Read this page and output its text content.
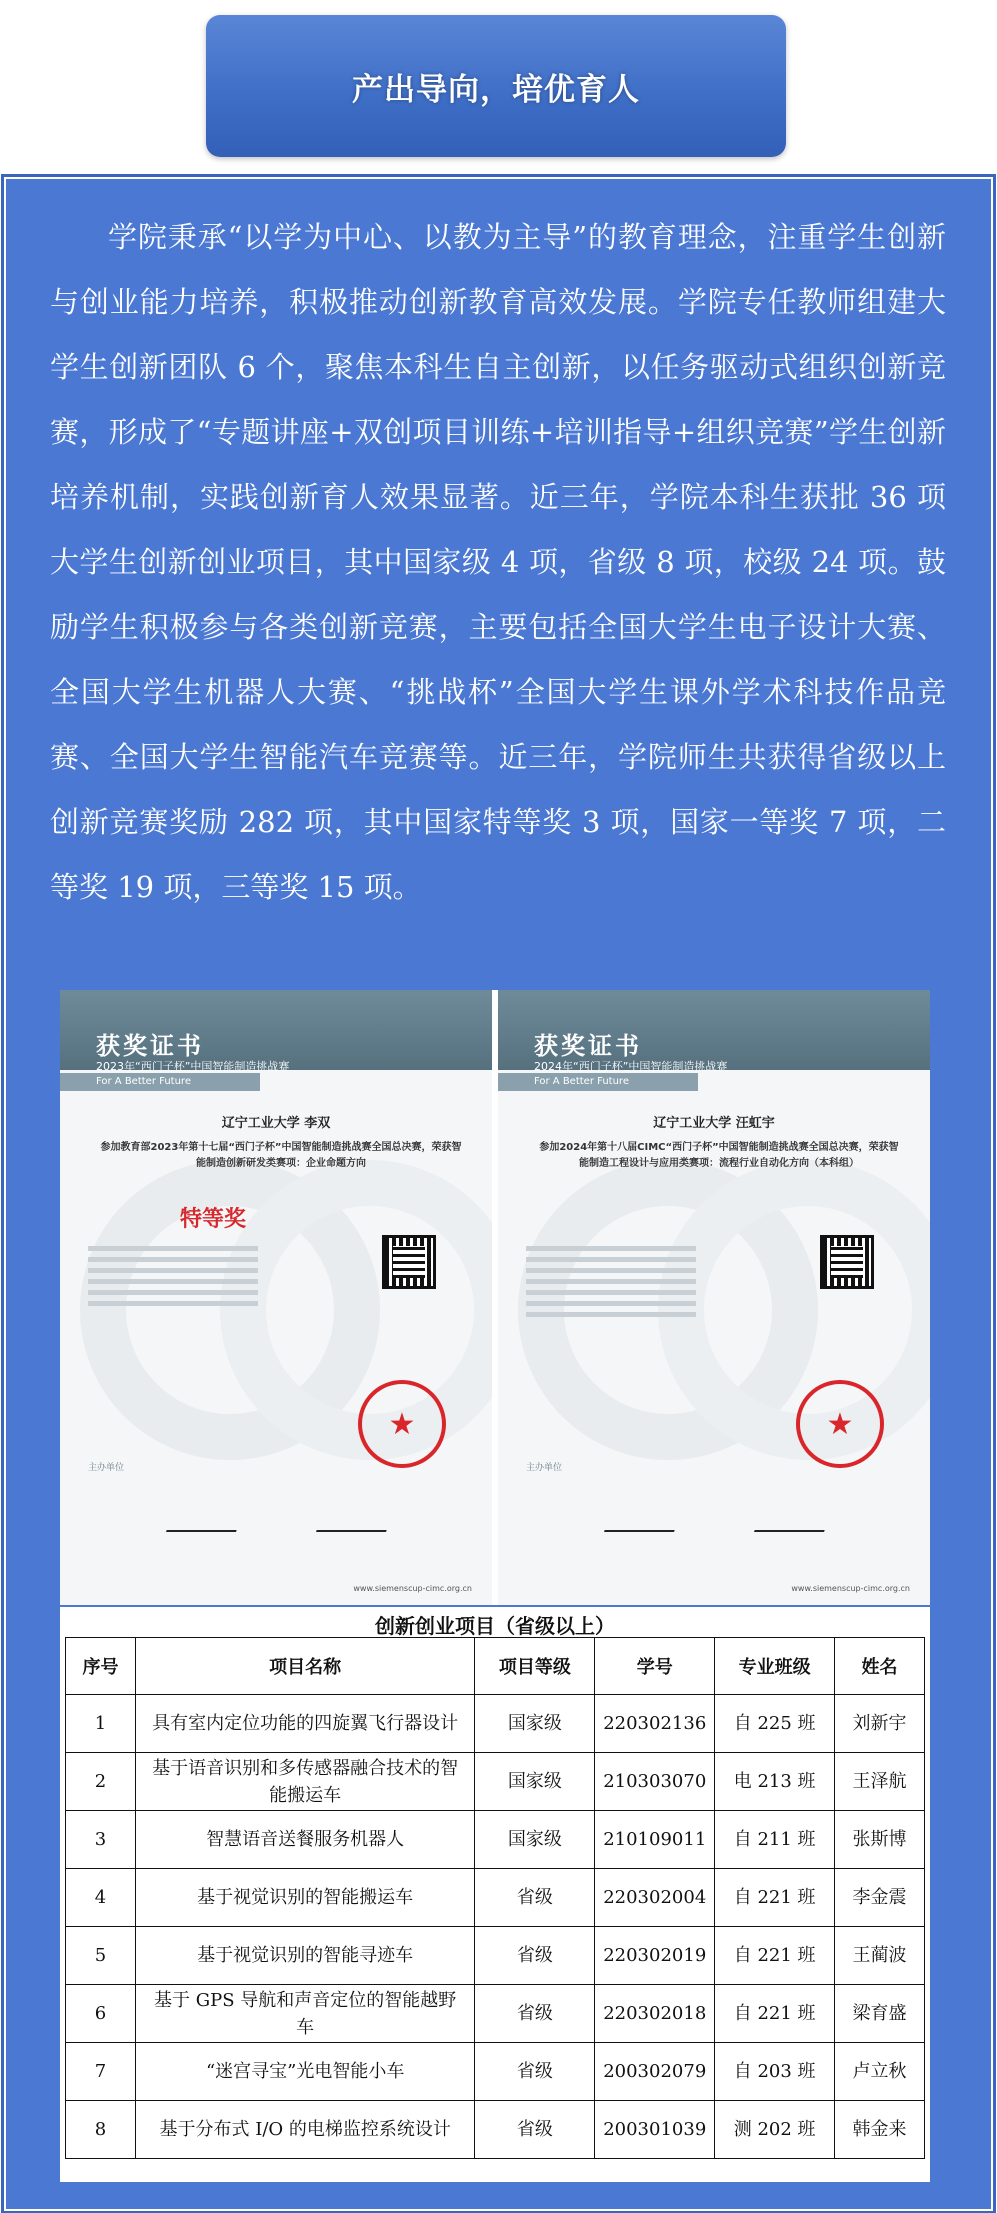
产出导向，培优育人

学院秉承“以学为中心、以教为主导”的教育理念，注重学生创新与创业能力培养，积极推动创新教育高效发展。学院专任教师组建大学生创新团队 6 个，聚焦本科生自主创新，以任务驱动式组织创新竞赛，形成了“专题讲座+双创项目训练+培训指导+组织竞赛”学生创新培养机制，实践创新育人效果显著。近三年，学院本科生获批 36 项大学生创新创业项目，其中国家级 4 项，省级 8 项，校级 24 项。鼓励学生积极参与各类创新竞赛，主要包括全国大学生电子设计大赛、全国大学生机器人大赛、“挑战杯”全国大学生课外学术科技作品竞赛、全国大学生智能汽车竞赛等。近三年，学院师生共获得省级以上创新竞赛奖励 282 项，其中国家特等奖 3 项，国家一等奖 7 项，二等奖 19 项，三等奖 15 项。

获奖证书
2023年“西门子杯”中国智能制造挑战赛
For A Better Future
辽宁工业大学 李双
参加教育部2023年第十七届“西门子杯”中国智能制造挑战赛全国总决赛，荣获智能制造创新研发类赛项：企业命题方向
特等奖
★
主办单位
www.siemenscup-cimc.org.cn
获奖证书
2024年“西门子杯”中国智能制造挑战赛
For A Better Future
辽宁工业大学 汪虹宇
参加2024年第十八届CIMC“西门子杯”中国智能制造挑战赛全国总决赛，荣获智能制造工程设计与应用类赛项：流程行业自动化方向（本科组）
★
主办单位
www.siemenscup-cimc.org.cn
创新创业项目（省级以上）
序号	项目名称	项目等级	学号	专业班级	姓名
1	具有室内定位功能的四旋翼飞行器设计	国家级	220302136	自 225 班	刘新宇
2	基于语音识别和多传感器融合技术的智能搬运车	国家级	210303070	电 213 班	王泽航
3	智慧语音送餐服务机器人	国家级	210109011	自 211 班	张斯博
4	基于视觉识别的智能搬运车	省级	220302004	自 221 班	李金震
5	基于视觉识别的智能寻迹车	省级	220302019	自 221 班	王蔺波
6	基于 GPS 导航和声音定位的智能越野车	省级	220302018	自 221 班	梁育盛
7	“迷宫寻宝”光电智能小车	省级	200302079	自 203 班	卢立秋
8	基于分布式 I/O 的电梯监控系统设计	省级	200301039	测 202 班	韩金来
